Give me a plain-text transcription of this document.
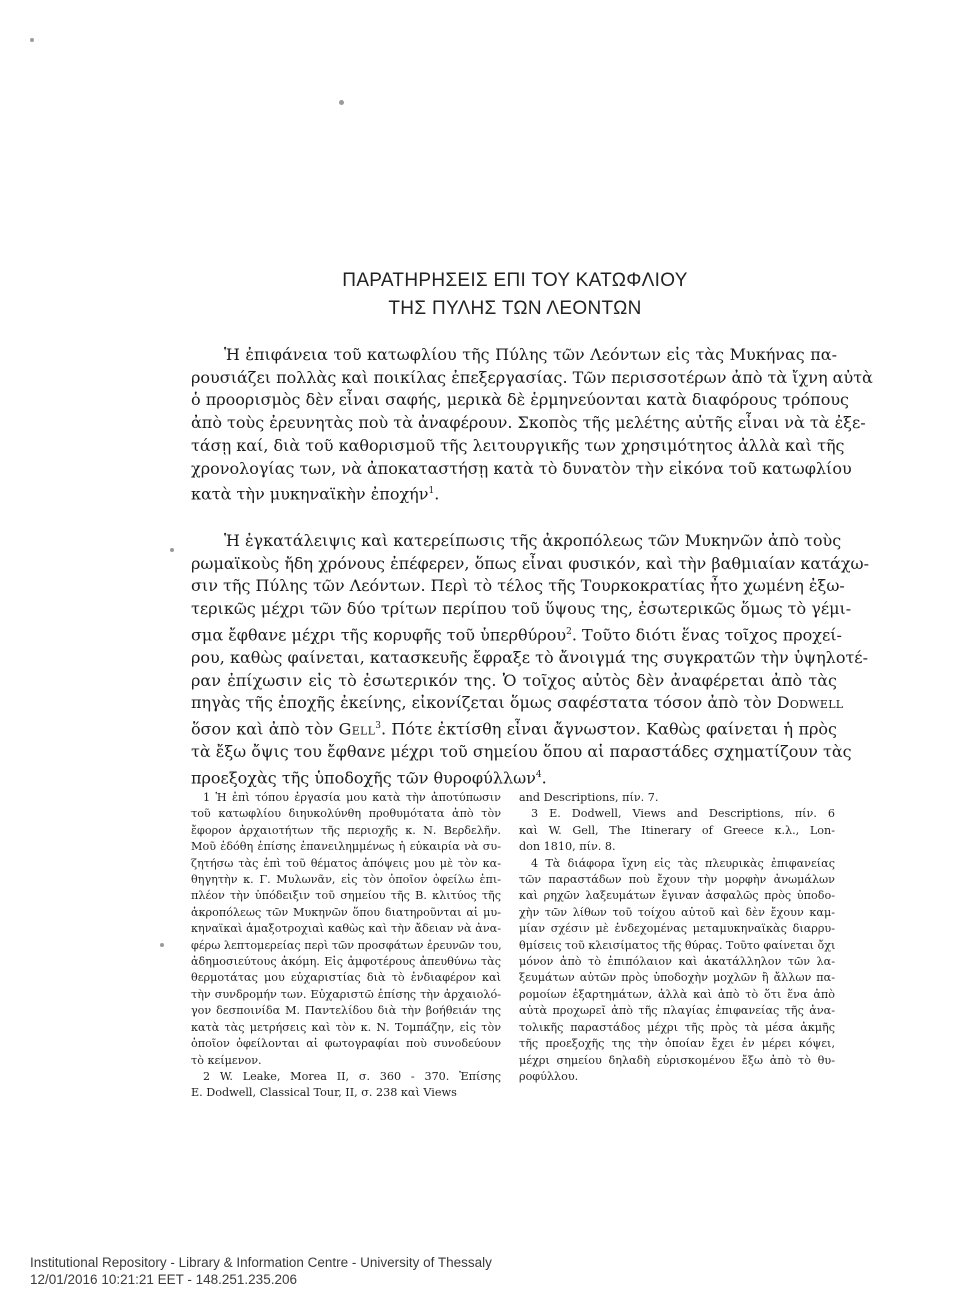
ΠΑΡΑΤΗΡΗΣΕΙΣ ΕΠΙ ΤΟΥ ΚΑΤΩΦΛΙΟΥ
ΤΗΣ ΠΥΛΗΣ ΤΩΝ ΛΕΟΝΤΩΝ
Ἡ ἐπιφάνεια τοῦ κατωφλίου τῆς Πύλης τῶν Λεόντων εἰς τὰς Μυκήνας πα-
ρουσιάζει πολλὰς καὶ ποικίλας ἐπεξεργασίας. Τῶν περισσοτέρων ἀπὸ τὰ ἴχνη αὐτὰ
ὁ προορισμὸς δὲν εἶναι σαφής, μερικὰ δὲ ἑρμηνεύονται κατὰ διαφόρους τρόπους
ἀπὸ τοὺς ἐρευνητὰς ποὺ τὰ ἀναφέρουν. Σκοπὸς τῆς μελέτης αὐτῆς εἶναι νὰ τὰ ἐξε-
τάσῃ καί, διὰ τοῦ καθορισμοῦ τῆς λειτουργικῆς των χρησιμότητος ἀλλὰ καὶ τῆς
χρονολογίας των, νὰ ἀποκαταστήσῃ κατὰ τὸ δυνατὸν τὴν εἰκόνα τοῦ κατωφλίου
κατὰ τὴν μυκηναϊκὴν ἐποχήν$^1$.
Ἡ ἐγκατάλειψις καὶ κατερείπωσις τῆς ἀκροπόλεως τῶν Μυκηνῶν ἀπὸ τοὺς
ρωμαϊκοὺς ἤδη χρόνους ἐπέφερεν, ὅπως εἶναι φυσικόν, καὶ τὴν βαθμιαίαν κατάχω-
σιν τῆς Πύλης τῶν Λεόντων. Περὶ τὸ τέλος τῆς Τουρκοκρατίας ἦτο χωμένη ἐξω-
τερικῶς μέχρι τῶν δύο τρίτων περίπου τοῦ ὕψους της, ἐσωτερικῶς ὅμως τὸ γέμι-
σμα ἔφθανε μέχρι τῆς κορυφῆς τοῦ ὑπερθύρου$^2$. Τοῦτο διότι ἕνας τοῖχος προχεί-
ρου, καθὼς φαίνεται, κατασκευῆς ἔφραξε τὸ ἄνοιγμά της συγκρατῶν τὴν ὑψηλοτέ-
ραν ἐπίχωσιν εἰς τὸ ἐσωτερικόν της. Ὁ τοῖχος αὐτὸς δὲν ἀναφέρεται ἀπὸ τὰς
πηγὰς τῆς ἐποχῆς ἐκείνης, εἰκονίζεται ὅμως σαφέστατα τόσον ἀπὸ τὸν Dodwell
ὅσον καὶ ἀπὸ τὸν Gell$^3$. Πότε ἐκτίσθη εἶναι ἄγνωστον. Καθὼς φαίνεται ἡ πρὸς
τὰ ἔξω ὄψις του ἔφθανε μέχρι τοῦ σημείου ὅπου αἱ παραστάδες σχηματίζουν τὰς
προεξοχὰς τῆς ὑποδοχῆς τῶν θυροφύλλων$^4$.
1 Ἡ ἐπὶ τόπου ἐργασία μου κατὰ τὴν ἀποτύπωσιν
τοῦ κατωφλίου διηυκολύνθη προθυμότατα ἀπὸ τὸν
ἔφορον ἀρχαιοτήτων τῆς περιοχῆς κ. Ν. Βερδελῆν.
Μοῦ ἐδόθη ἐπίσης ἐπανειλημμένως ἡ εὐκαιρία νὰ συ-
ζητήσω τὰς ἐπὶ τοῦ θέματος ἀπόψεις μου μὲ τὸν κα-
θηγητὴν κ. Γ. Μυλωνᾶν, εἰς τὸν ὁποῖον ὀφείλω ἐπι-
πλέον τὴν ὑπόδειξιν τοῦ σημείου τῆς Β. κλιτύος τῆς
ἀκροπόλεως τῶν Μυκηνῶν ὅπου διατηροῦνται αἱ μυ-
κηναϊκαὶ ἁμαξοτροχιαὶ καθὼς καὶ τὴν ἄδειαν νὰ ἀνα-
φέρω λεπτομερείας περὶ τῶν προσφάτων ἐρευνῶν του,
ἀδημοσιεύτους ἀκόμη. Εἰς ἀμφοτέρους ἀπευθύνω τὰς
θερμοτάτας μου εὐχαριστίας διὰ τὸ ἐνδιαφέρον καὶ
τὴν συνδρομήν των. Εὐχαριστῶ ἐπίσης τὴν ἀρχαιολό-
γον δεσποινίδα Μ. Παντελίδου διὰ τὴν βοήθειάν της
κατὰ τὰς μετρήσεις καὶ τὸν κ. Ν. Τομπάζην, εἰς τὸν
ὁποῖον ὀφείλονται αἱ φωτογραφίαι ποὺ συνοδεύουν
τὸ κείμενον.
2 W. Leake, Morea II, σ. 360 - 370. Ἐπίσης
E. Dodwell, Classical Tour, II, σ. 238 καὶ Views
and Descriptions, πίν. 7.
3 E. Dodwell, Views and Descriptions, πίν. 6
καὶ W. Gell, The Itinerary of Greece κ.λ., Lon-
don 1810, πίν. 8.
4 Τὰ διάφορα ἴχνη εἰς τὰς πλευρικὰς ἐπιφανείας
τῶν παραστάδων ποὺ ἔχουν τὴν μορφὴν ἀνωμάλων
καὶ ρηχῶν λαξευμάτων ἔγιναν ἀσφαλῶς πρὸς ὑποδο-
χὴν τῶν λίθων τοῦ τοίχου αὐτοῦ καὶ δὲν ἔχουν καμ-
μίαν σχέσιν μὲ ἐνδεχομένας μεταμυκηναϊκὰς διαρρυ-
θμίσεις τοῦ κλεισίματος τῆς θύρας. Τοῦτο φαίνεται ὄχι
μόνον ἀπὸ τὸ ἐπιπόλαιον καὶ ἀκατάλληλον τῶν λα-
ξευμάτων αὐτῶν πρὸς ὑποδοχὴν μοχλῶν ἢ ἄλλων πα-
ρομοίων ἐξαρτημάτων, ἀλλὰ καὶ ἀπὸ τὸ ὅτι ἕνα ἀπὸ
αὐτὰ προχωρεῖ ἀπὸ τῆς πλαγίας ἐπιφανείας τῆς ἀνα-
τολικῆς παραστάδος μέχρι τῆς πρὸς τὰ μέσα ἀκμῆς
τῆς προεξοχῆς της τὴν ὁποίαν ἔχει ἐν μέρει κόψει,
μέχρι σημείου δηλαδὴ εὑρισκομένου ἔξω ἀπὸ τὸ θυ-
ροφύλλου.
Institutional Repository - Library & Information Centre - University of Thessaly
12/01/2016 10:21:21 EET - 148.251.235.206
